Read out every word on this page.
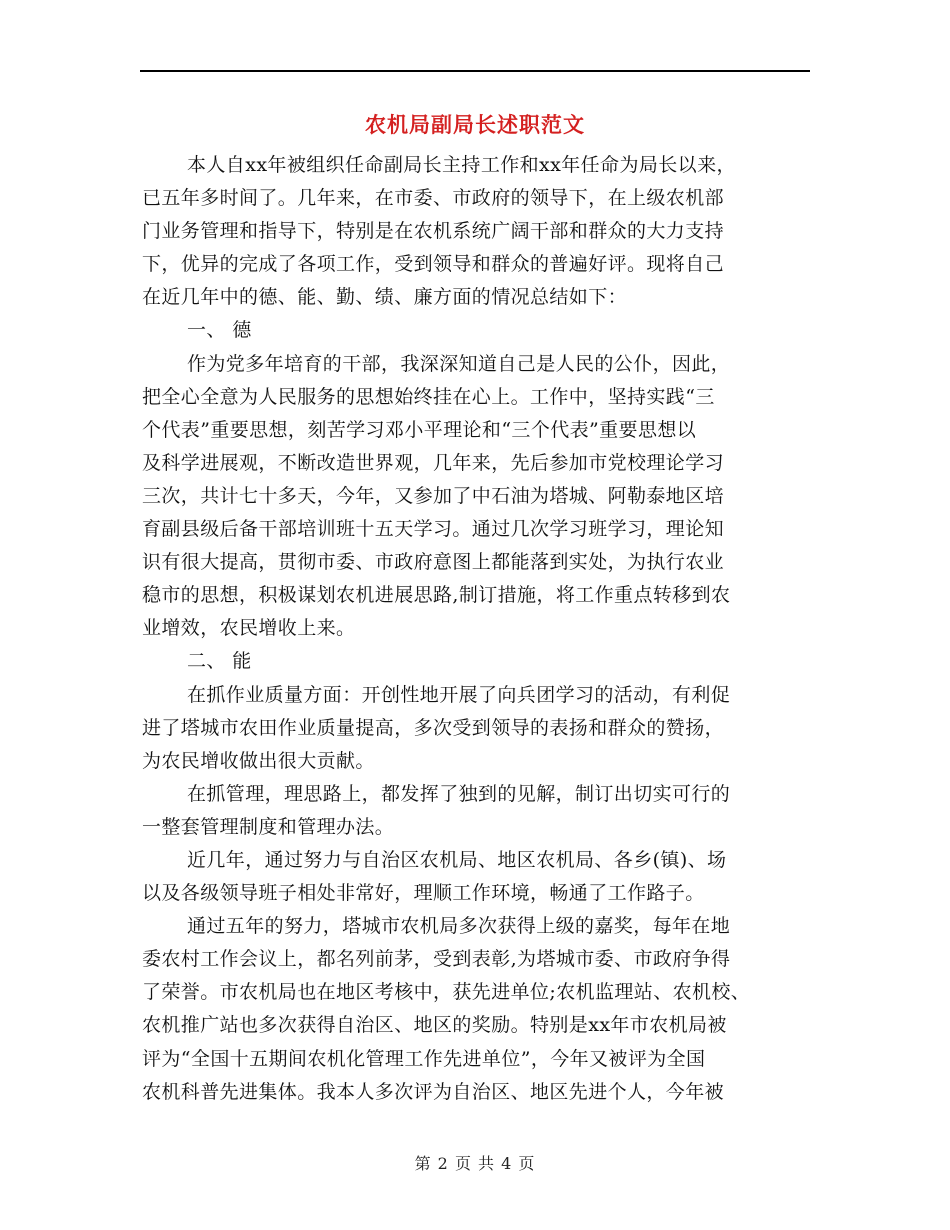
农机局副局长述职范文
本人自xx年被组织任命副局长主持工作和xx年任命为局长以来，
已五年多时间了。几年来，在市委、市政府的领导下，在上级农机部
门业务管理和指导下，特别是在农机系统广阔干部和群众的大力支持
下，优异的完成了各项工作，受到领导和群众的普遍好评。现将自己
在近几年中的德、能、勤、绩、廉方面的情况总结如下：
一、 德
作为党多年培育的干部，我深深知道自己是人民的公仆，因此，
把全心全意为人民服务的思想始终挂在心上。工作中，坚持实践“三
个代表”重要思想，刻苦学习邓小平理论和“三个代表”重要思想以
及科学进展观，不断改造世界观，几年来，先后参加市党校理论学习
三次，共计七十多天，今年，又参加了中石油为塔城、阿勒泰地区培
育副县级后备干部培训班十五天学习。通过几次学习班学习，理论知
识有很大提高，贯彻市委、市政府意图上都能落到实处，为执行农业
稳市的思想，积极谋划农机进展思路,制订措施，将工作重点转移到农
业增效，农民增收上来。
二、 能
在抓作业质量方面：开创性地开展了向兵团学习的活动，有利促
进了塔城市农田作业质量提高，多次受到领导的表扬和群众的赞扬，
为农民增收做出很大贡献。
在抓管理，理思路上，都发挥了独到的见解，制订出切实可行的
一整套管理制度和管理办法。
近几年，通过努力与自治区农机局、地区农机局、各乡(镇)、场
以及各级领导班子相处非常好，理顺工作环境，畅通了工作路子。
通过五年的努力，塔城市农机局多次获得上级的嘉奖，每年在地
委农村工作会议上，都名列前茅，受到表彰,为塔城市委、市政府争得
了荣誉。市农机局也在地区考核中，获先进单位;农机监理站、农机校、
农机推广站也多次获得自治区、地区的奖励。特别是xx年市农机局被
评为“全国十五期间农机化管理工作先进单位”，今年又被评为全国
农机科普先进集体。我本人多次评为自治区、地区先进个人，今年被
第 2 页 共 4 页
